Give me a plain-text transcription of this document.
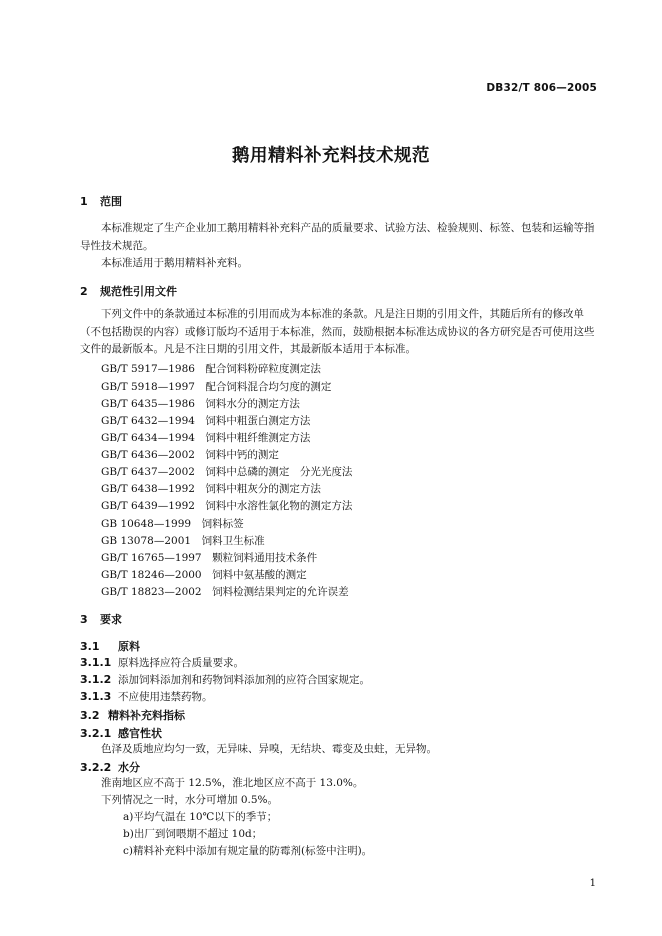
DB32/T 806—2005
鹅用精料补充料技术规范
1 范围
本标准规定了生产企业加工鹅用精料补充料产品的质量要求、试验方法、检验规则、标签、包装和运输等指导性技术规范。
本标准适用于鹅用精料补充料。
2 规范性引用文件
下列文件中的条款通过本标准的引用而成为本标准的条款。凡是注日期的引用文件，其随后所有的修改单（不包括勘误的内容）或修订版均不适用于本标准，然而，鼓励根据本标准达成协议的各方研究是否可使用这些文件的最新版本。凡是不注日期的引用文件，其最新版本适用于本标准。
GB/T 5917—1986　配合饲料粉碎粒度测定法
GB/T 5918—1997　配合饲料混合均匀度的测定
GB/T 6435—1986　饲料水分的测定方法
GB/T 6432—1994　饲料中粗蛋白测定方法
GB/T 6434—1994　饲料中粗纤维测定方法
GB/T 6436—2002　饲料中钙的测定
GB/T 6437—2002　饲料中总磷的测定　分光光度法
GB/T 6438—1992　饲料中粗灰分的测定方法
GB/T 6439—1992　饲料中水溶性氯化物的测定方法
GB 10648—1999　饲料标签
GB 13078—2001　饲料卫生标准
GB/T 16765—1997　颗粒饲料通用技术条件
GB/T 18246—2000　饲料中氨基酸的测定
GB/T 18823—2002　饲料检测结果判定的允许误差
3 要求
3.1 原料
3.1.1 原料选择应符合质量要求。
3.1.2 添加饲料添加剂和药物饲料添加剂的应符合国家规定。
3.1.3 不应使用违禁药物。
3.2 精料补充料指标
3.2.1 感官性状
色泽及质地应均匀一致，无异味、异嗅，无结块、霉变及虫蛀，无异物。
3.2.2 水分
淮南地区应不高于 12.5%，淮北地区应不高于 13.0%。
下列情况之一时，水分可增加 0.5%。
a)平均气温在 10℃以下的季节；
b)出厂到饲喂期不超过 10d；
c)精料补充料中添加有规定量的防霉剂(标签中注明)。
1
